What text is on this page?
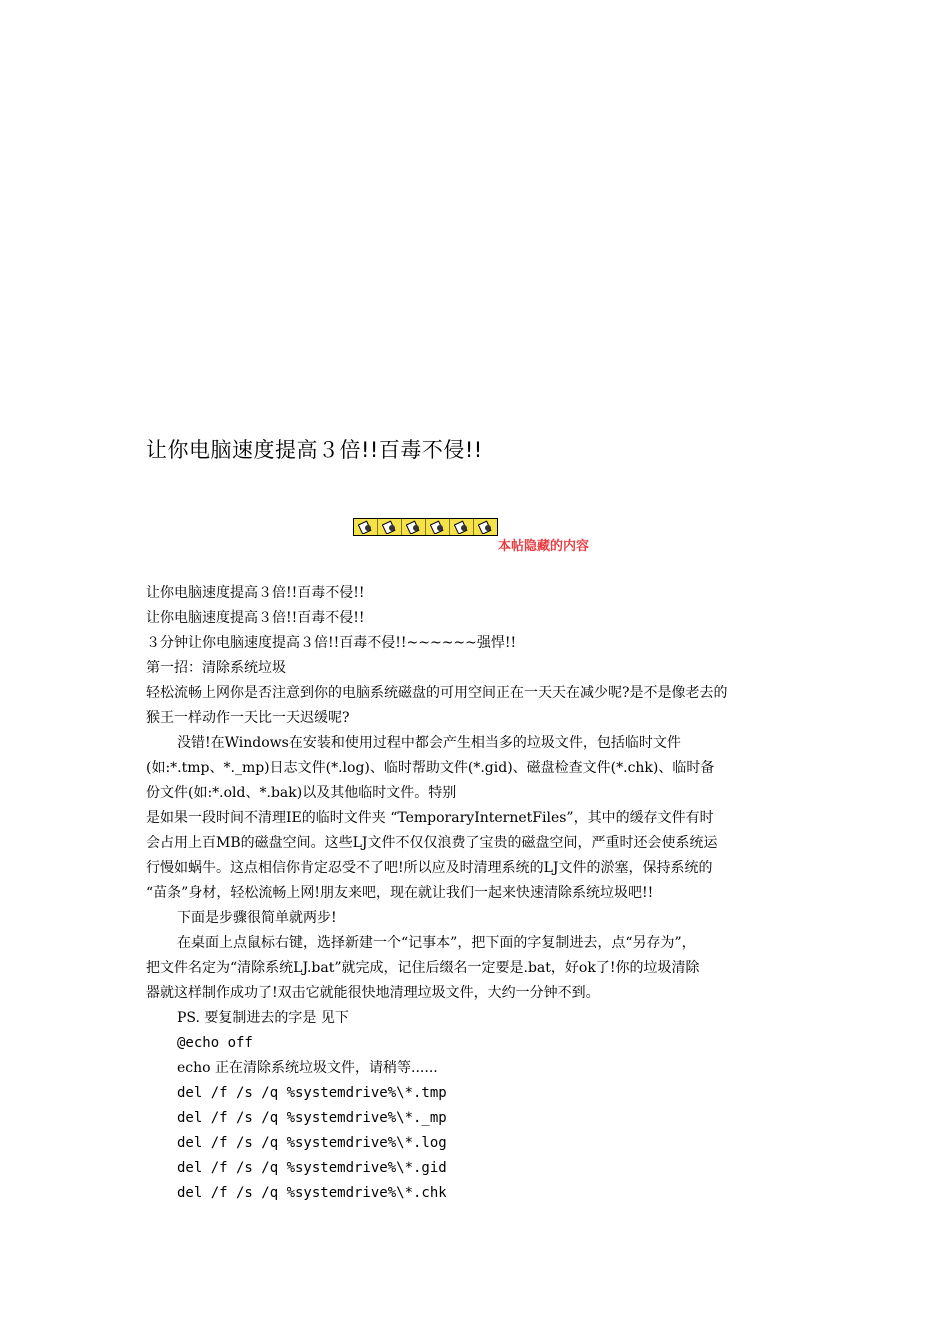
让你电脑速度提高３倍!!百毒不侵!!
本帖隐藏的内容
让你电脑速度提高３倍!!百毒不侵!!
让你电脑速度提高３倍!!百毒不侵!!
３分钟让你电脑速度提高３倍!!百毒不侵!!~~~~~~强悍!!
第一招：清除系统垃圾
轻松流畅上网你是否注意到你的电脑系统磁盘的可用空间正在一天天在减少呢?是不是像老去的
猴王一样动作一天比一天迟缓呢?
没错!在Windows在安装和使用过程中都会产生相当多的垃圾文件，包括临时文件
(如:*.tmp、*._mp)日志文件(*.log)、临时帮助文件(*.gid)、磁盘检查文件(*.chk)、临时备
份文件(如:*.old、*.bak)以及其他临时文件。特别
是如果一段时间不清理IE的临时文件夹 “TemporaryInternetFiles”，其中的缓存文件有时
会占用上百MB的磁盘空间。这些LJ文件不仅仅浪费了宝贵的磁盘空间，严重时还会使系统运
行慢如蜗牛。这点相信你肯定忍受不了吧!所以应及时清理系统的LJ文件的淤塞，保持系统的
“苗条”身材，轻松流畅上网!朋友来吧，现在就让我们一起来快速清除系统垃圾吧!!
下面是步骤很简单就两步!
在桌面上点鼠标右键，选择新建一个“记事本”，把下面的字复制进去，点“另存为”，
把文件名定为“清除系统LJ.bat”就完成，记住后缀名一定要是.bat，好ok了!你的垃圾清除
器就这样制作成功了!双击它就能很快地清理垃圾文件，大约一分钟不到。
PS. 要复制进去的字是 见下
@echo off
echo 正在清除系统垃圾文件，请稍等......
del /f /s /q %systemdrive%\*.tmp
del /f /s /q %systemdrive%\*._mp
del /f /s /q %systemdrive%\*.log
del /f /s /q %systemdrive%\*.gid
del /f /s /q %systemdrive%\*.chk
